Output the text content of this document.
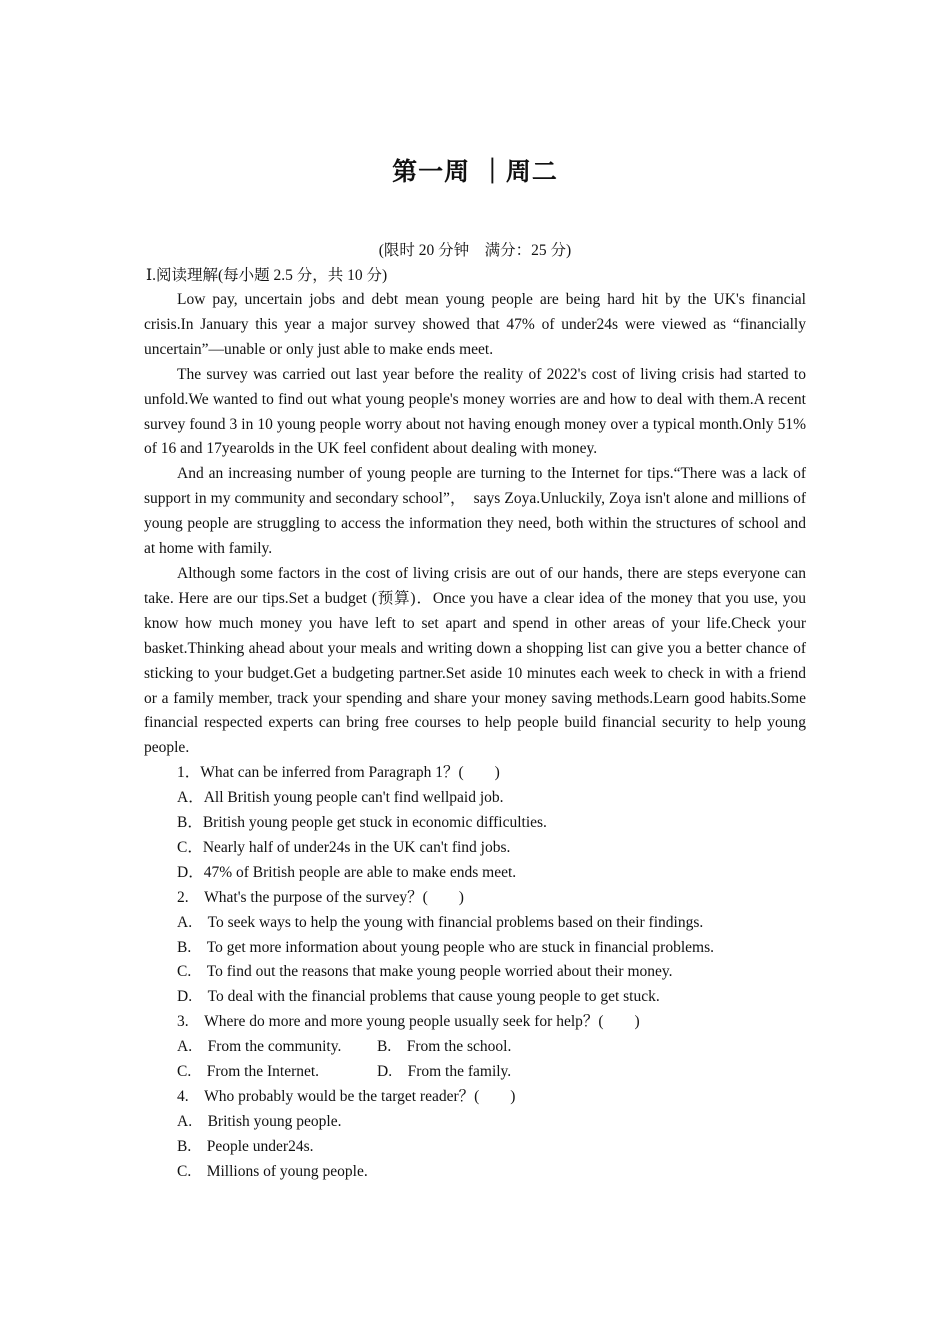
第一周 ｜周二
(限时 20 分钟　满分：25 分)
Ⅰ.阅读理解(每小题 2.5 分，共 10 分)

Low pay, uncertain jobs and debt mean young people are being hard hit by the UK's financial crisis.In January this year a major survey showed that 47% of under24s were viewed as “financially uncertain”—unable or only just able to make ends meet.

The survey was carried out last year before the reality of 2022's cost of living crisis had started to unfold.We wanted to find out what young people's money worries are and how to deal with them.A recent survey found 3 in 10 young people worry about not having enough money over a typical month.Only 51% of 16 and 17yearolds in the UK feel confident about dealing with money.

And an increasing number of young people are turning to the Internet for tips.“There was a lack of support in my community and secondary school”，　says Zoya.Unluckily, Zoya isn't alone and millions of young people are struggling to access the information they need, both within the structures of school and at home with family.

Although some factors in the cost of living crisis are out of our hands, there are steps everyone can take. Here are our tips.Set a budget (预算)．Once you have a clear idea of the money that you use, you know how much money you have left to set apart and spend in other areas of your life.Check your basket.Thinking ahead about your meals and writing down a shopping list can give you a better chance of sticking to your budget.Get a budgeting partner.Set aside 10 minutes each week to check in with a friend or a family member, track your spending and share your money saving methods.Learn good habits.Some financial respected experts can bring free courses to help people build financial security to help young people.

1．What can be inferred from Paragraph 1？(　　)

A．All British young people can't find wellpaid job.

B．British young people get stuck in economic difficulties.

C．Nearly half of under24s in the UK can't find jobs.

D．47% of British people are able to make ends meet.

2.　What's the purpose of the survey？(　　)

A.　To seek ways to help the young with financial problems based on their findings.

B.　To get more information about young people who are stuck in financial problems.

C.　To find out the reasons that make young people worried about their money.

D.　To deal with the financial problems that cause young people to get stuck.

3.　Where do more and more young people usually seek for help？(　　)

A.　From the community. B.　From the school.

C.　From the Internet.	D.　From the family.

4.　Who probably would be the target reader？(　　)

A.　British young people.

B.　People under24s.

C.　Millions of young people.
